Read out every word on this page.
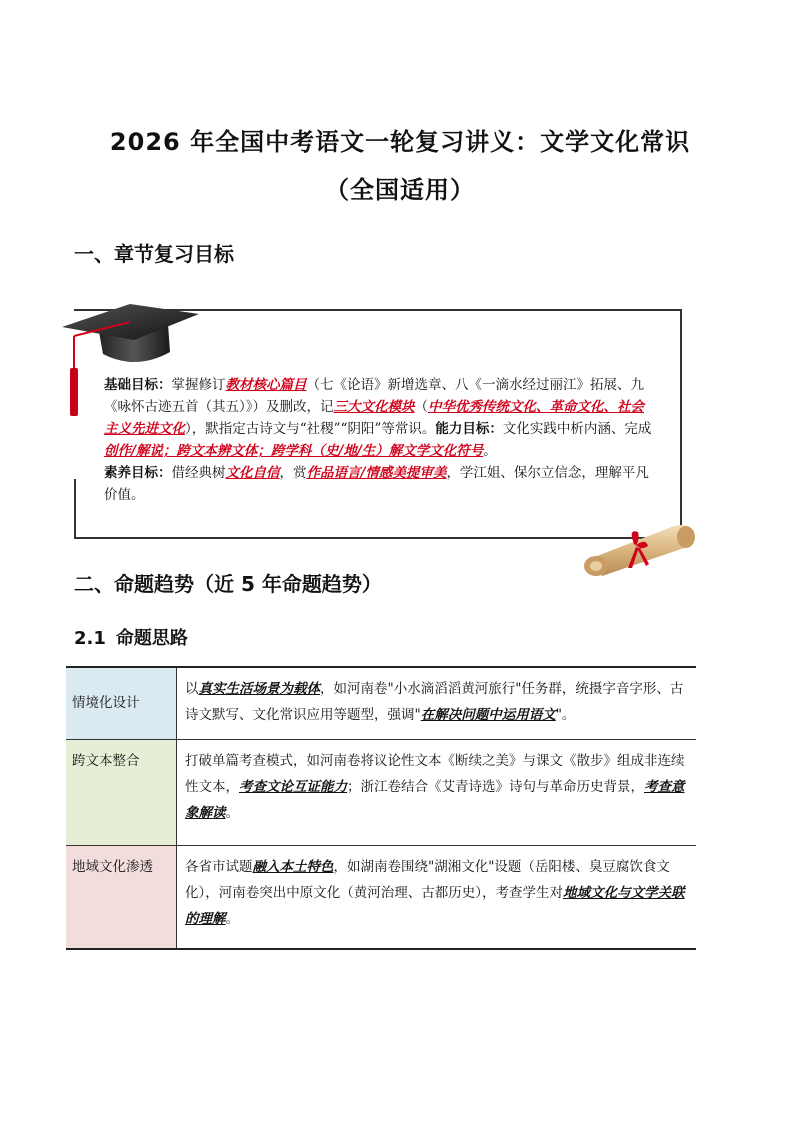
2026 年全国中考语文一轮复习讲义：文学文化常识
（全国适用）
一、章节复习目标
基础目标：掌握修订教材核心篇目（七《论语》新增选章、八《一滴水经过丽江》拓展、九《咏怀古迹五首（其五）》）及删改，记三大文化模块（中华优秀传统文化、革命文化、社会主义先进文化），默指定古诗文与“社稷”“阴阳”等常识。能力目标：文化实践中析内涵、完成创作/解说；跨文本辨文体；跨学科（史/地/生）解文学文化符号。
素养目标：借经典树文化自信，赏作品语言/情感美提审美，学江姐、保尔立信念，理解平凡价值。
二、命题趋势（近 5 年命题趋势）
2.1 命题思路
情境化设计	以真实生活场景为载体，如河南卷"小水滴滔滔黄河旅行"任务群，统摄字音字形、古诗文默写、文化常识应用等题型，强调"在解决问题中运用语文"。
跨文本整合	打破单篇考查模式，如河南卷将议论性文本《断续之美》与课文《散步》组成非连续性文本，考查文论互证能力；浙江卷结合《艾青诗选》诗句与革命历史背景，考查意象解读。
地域文化渗透	各省市试题融入本土特色，如湖南卷围绕"湖湘文化"设题（岳阳楼、臭豆腐饮食文化），河南卷突出中原文化（黄河治理、古都历史），考查学生对地域文化与文学关联的理解。
